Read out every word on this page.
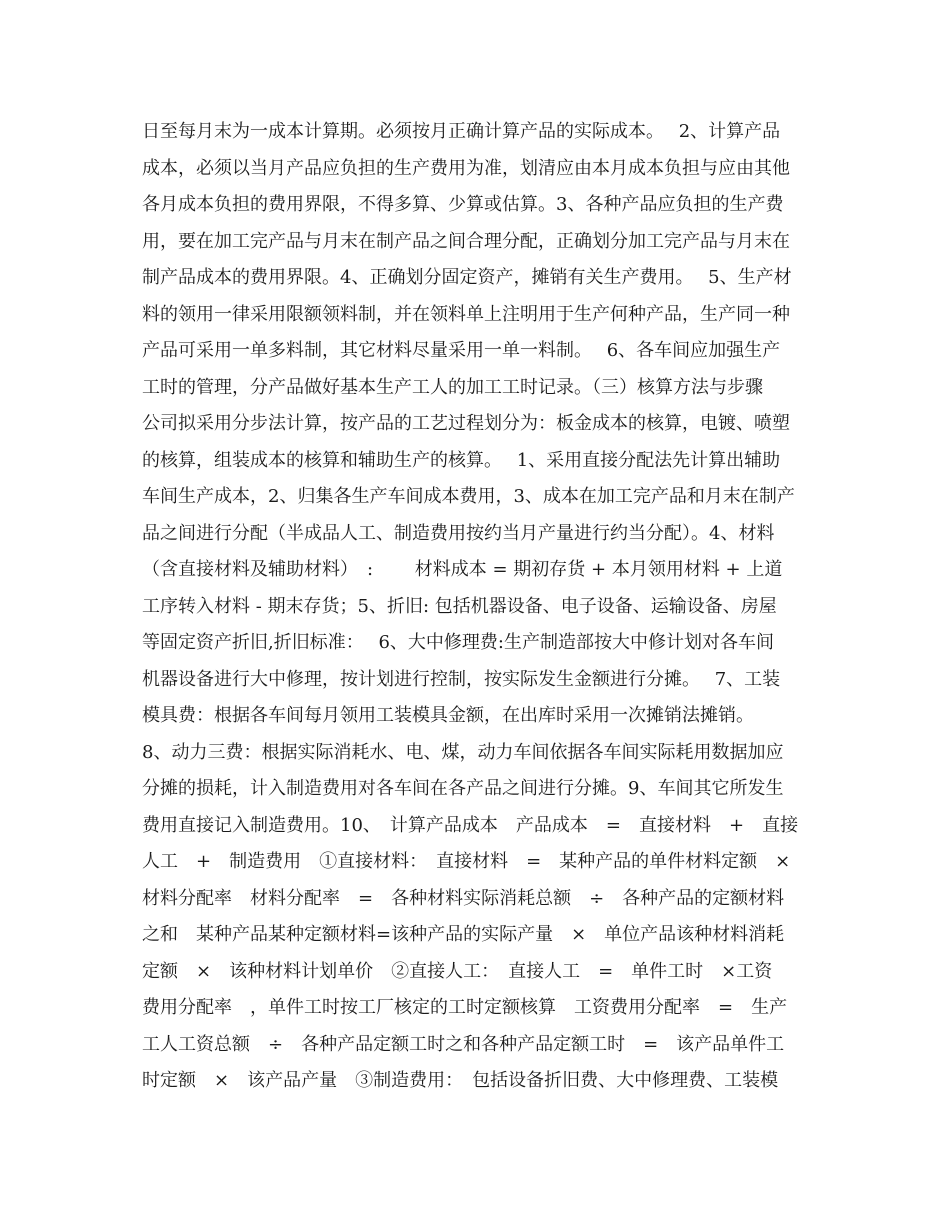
日至每月末为一成本计算期。必须按月正确计算产品的实际成本。　 2、计算产品
成本，必须以当月产品应负担的生产费用为准，划清应由本月成本负担与应由其他
各月成本负担的费用界限，不得多算、少算或估算。3、各种产品应负担的生产费
用，要在加工完产品与月末在制产品之间合理分配，正确划分加工完产品与月末在
制产品成本的费用界限。4、正确划分固定资产，摊销有关生产费用。　 5、生产材
料的领用一律采用限额领料制，并在领料单上注明用于生产何种产品，生产同一种
产品可采用一单多料制，其它材料尽量采用一单一料制。　 6、各车间应加强生产
工时的管理，分产品做好基本生产工人的加工工时记录。（三）核算方法与步骤
公司拟采用分步法计算，按产品的工艺过程划分为：板金成本的核算，电镀、喷塑
的核算，组装成本的核算和辅助生产的核算。　 1、采用直接分配法先计算出辅助
车间生产成本，2、归集各生产车间成本费用，3、成本在加工完产品和月末在制产
品之间进行分配（半成品人工、制造费用按约当月产量进行约当分配）。4、材料
（含直接材料及辅助材料）　:　　 材料成本 = 期初存货 + 本月领用材料 + 上道
工序转入材料 - 期末存货；5、折旧: 包括机器设备、电子设备、运输设备、房屋
等固定资产折旧,折旧标准：　 6、大中修理费:生产制造部按大中修计划对各车间
机器设备进行大中修理，按计划进行控制，按实际发生金额进行分摊。　 7、工装
模具费：根据各车间每月领用工装模具金额，在出库时采用一次摊销法摊销。
8、动力三费：根据实际消耗水、电、煤，动力车间依据各车间实际耗用数据加应
分摊的损耗，计入制造费用对各车间在各产品之间进行分摊。9、车间其它所发生
费用直接记入制造费用。10、　计算产品成本　产品成本　=　直接材料　+　直接
人工　+　制造费用　①直接材料：　直接材料　=　某种产品的单件材料定额　×
材料分配率　材料分配率　=　各种材料实际消耗总额　÷　各种产品的定额材料
之和　某种产品某种定额材料=该种产品的实际产量　×　单位产品该种材料消耗
定额　×　该种材料计划单价　②直接人工：　直接人工　=　单件工时　×工资
费用分配率　，单件工时按工厂核定的工时定额核算　工资费用分配率　=　生产
工人工资总额　÷　各种产品定额工时之和各种产品定额工时　=　该产品单件工
时定额　×　该产品产量　③制造费用：　包括设备折旧费、大中修理费、工装模
